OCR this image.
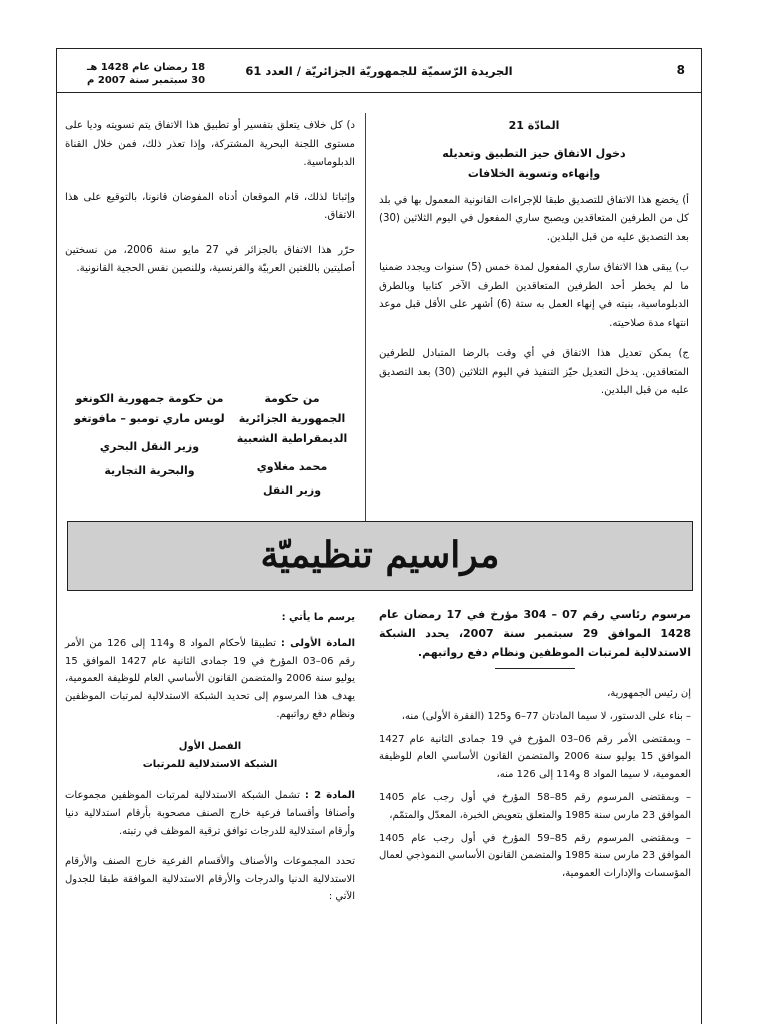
18 رمضان عام 1428 هـ
30 سبتمبر سنة 2007 م
الجريدة الرّسميّة للجمهوريّة الجزائريّة / العدد 61	8
المادّة 21
دخول الاتفاق حيز التطبيق وتعديله
وإنهاءه وتسوية الخلافات

أ) يخضع هذا الاتفاق للتصديق طبقا للإجراءات القانونية المعمول بها في بلد كل من الطرفين المتعاقدين ويصبح ساري المفعول في اليوم الثلاثين (30) بعد التصديق عليه من قبل البلدين.

ب) يبقى هذا الاتفاق ساري المفعول لمدة خمس (5) سنوات ويجدد ضمنيا ما لم يخطر أحد الطرفين المتعاقدين الطرف الآخر كتابيا وبالطرق الدبلوماسية، بنيته في إنهاء العمل به ستة (6) أشهر على الأقل قبل موعد انتهاء مدة صلاحيته.

ج) يمكن تعديل هذا الاتفاق في أي وقت بالرضا المتبادل للطرفين المتعاقدين. يدخل التعديل حيّز التنفيذ في اليوم الثلاثين (30) بعد التصديق عليه من قبل البلدين.

د) كل خلاف يتعلق بتفسير أو تطبيق هذا الاتفاق يتم تسويته وديا على مستوى اللجنة البحرية المشتركة، وإذا تعذر ذلك، فمن خلال القناة الدبلوماسية.

وإثباتا لذلك، قام الموقعان أدناه المفوضان قانونا، بالتوقيع على هذا الاتفاق.

حرّر هذا الاتفاق بالجزائر في 27 مايو سنة 2006، من نسختين أصليتين باللغتين العربيّة والفرنسية، وللنصين نفس الحجية القانونية.

من حكومة
الجمهورية الجزائرية
الديمقراطية الشعبية
محمد مغلاوي
وزير النقل
من حكومة جمهورية الكونغو
لويس ماري تومبو – مافوتغو
وزير النقل البحري
والبحرية التجارية
مراسيم تنظيميّة
مرسوم رئاسي رقم 07 – 304 مؤرخ في 17 رمضان عام 1428 الموافق 29 سبتمبر سنة 2007، يحدد الشبكة الاستدلالية لمرتبات الموظفين ونظام دفع رواتبهم.

إن رئيس الجمهورية،

– بناء على الدستور، لا سيما المادتان 77–6 و125 (الفقرة الأولى) منه،

– وبمقتضى الأمر رقم 06–03 المؤرخ في 19 جمادى الثانية عام 1427 الموافق 15 يوليو سنة 2006 والمتضمن القانون الأساسي العام للوظيفة العمومية، لا سيما المواد 8 و114 إلى 126 منه،

– وبمقتضى المرسوم رقم 85–58 المؤرخ في أول رجب عام 1405 الموافق 23 مارس سنة 1985 والمتعلق بتعويض الخبرة، المعدّل والمتمّم،

– وبمقتضى المرسوم رقم 85–59 المؤرخ في أول رجب عام 1405 الموافق 23 مارس سنة 1985 والمتضمن القانون الأساسي النموذجي لعمال المؤسسات والإدارات العمومية،

يرسم ما يأتي :

المادة الأولى : تطبيقا لأحكام المواد 8 و114 إلى 126 من الأمر رقم 06–03 المؤرخ في 19 جمادى الثانية عام 1427 الموافق 15 يوليو سنة 2006 والمتضمن القانون الأساسي العام للوظيفة العمومية، يهدف هذا المرسوم إلى تحديد الشبكة الاستدلالية لمرتبات الموظفين ونظام دفع رواتبهم.

الفصل الأول
الشبكة الاستدلالية للمرتبات

المادة 2 : تشمل الشبكة الاستدلالية لمرتبات الموظفين مجموعات وأصنافا وأقساما فرعية خارج الصنف مصحوبة بأرقام استدلالية دنيا وأرقام استدلالية للدرجات توافق ترقية الموظف في رتبته.

تحدد المجموعات والأصناف والأقسام الفرعية خارج الصنف والأرقام الاستدلالية الدنيا والدرجات والأرقام الاستدلالية الموافقة طبقا للجدول الآتي :
